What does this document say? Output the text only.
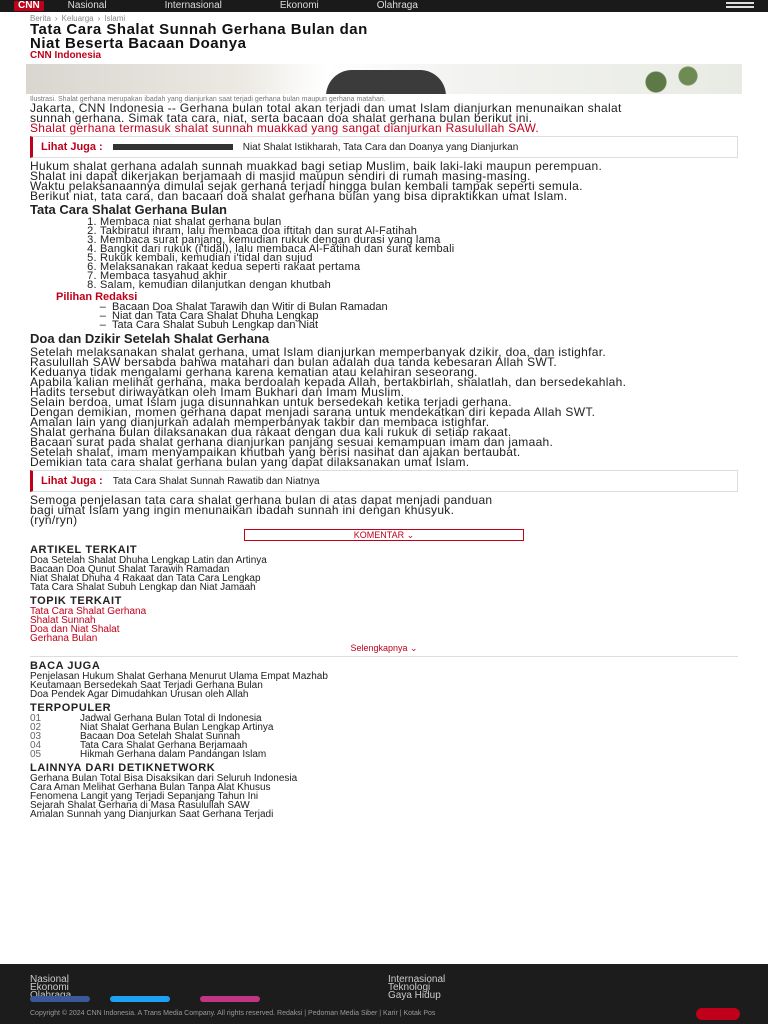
CNN	Nasional	Internasional	Ekonomi	Olahraga
Berita › Keluarga › Islami
Tata Cara Shalat Sunnah Gerhana Bulan dan
Niat Beserta Bacaan Doanya
CNN Indonesia
Ilustrasi. Shalat gerhana merupakan ibadah yang dianjurkan saat terjadi gerhana bulan maupun gerhana matahari.

Jakarta, CNN Indonesia -- Gerhana bulan total akan terjadi dan umat Islam dianjurkan menunaikan shalat

sunnah gerhana. Simak tata cara, niat, serta bacaan doa shalat gerhana bulan berikut ini.

Shalat gerhana termasuk shalat sunnah muakkad yang sangat dianjurkan Rasulullah SAW.

Lihat Juga :	Niat Shalat Istikharah, Tata Cara dan Doanya yang Dianjurkan

Hukum shalat gerhana adalah sunnah muakkad bagi setiap Muslim, baik laki-laki maupun perempuan.

Shalat ini dapat dikerjakan berjamaah di masjid maupun sendiri di rumah masing-masing.

Waktu pelaksanaannya dimulai sejak gerhana terjadi hingga bulan kembali tampak seperti semula.

Berikut niat, tata cara, dan bacaan doa shalat gerhana bulan yang bisa dipraktikkan umat Islam.

Tata Cara Shalat Gerhana Bulan
1. Membaca niat shalat gerhana bulan
2. Takbiratul ihram, lalu membaca doa iftitah dan surat Al-Fatihah
3. Membaca surat panjang, kemudian rukuk dengan durasi yang lama
4. Bangkit dari rukuk (i'tidal), lalu membaca Al-Fatihah dan surat kembali
5. Rukuk kembali, kemudian i'tidal dan sujud
6. Melaksanakan rakaat kedua seperti rakaat pertama
7. Membaca tasyahud akhir
8. Salam, kemudian dilanjutkan dengan khutbah
Pilihan Redaksi
– Bacaan Doa Shalat Tarawih dan Witir di Bulan Ramadan
– Niat dan Tata Cara Shalat Dhuha Lengkap
– Tata Cara Shalat Subuh Lengkap dan Niat
Doa dan Dzikir Setelah Shalat Gerhana

Setelah melaksanakan shalat gerhana, umat Islam dianjurkan memperbanyak dzikir, doa, dan istighfar.

Rasulullah SAW bersabda bahwa matahari dan bulan adalah dua tanda kebesaran Allah SWT.

Keduanya tidak mengalami gerhana karena kematian atau kelahiran seseorang.

Apabila kalian melihat gerhana, maka berdoalah kepada Allah, bertakbirlah, shalatlah, dan bersedekahlah.

Hadits tersebut diriwayatkan oleh Imam Bukhari dan Imam Muslim.

Selain berdoa, umat Islam juga disunnahkan untuk bersedekah ketika terjadi gerhana.

Dengan demikian, momen gerhana dapat menjadi sarana untuk mendekatkan diri kepada Allah SWT.

Amalan lain yang dianjurkan adalah memperbanyak takbir dan membaca istighfar.

Shalat gerhana bulan dilaksanakan dua rakaat dengan dua kali rukuk di setiap rakaat.

Bacaan surat pada shalat gerhana dianjurkan panjang sesuai kemampuan imam dan jamaah.

Setelah shalat, imam menyampaikan khutbah yang berisi nasihat dan ajakan bertaubat.

Demikian tata cara shalat gerhana bulan yang dapat dilaksanakan umat Islam.

Lihat Juga : Tata Cara Shalat Sunnah Rawatib dan Niatnya

Semoga penjelasan tata cara shalat gerhana bulan di atas dapat menjadi panduan

bagi umat Islam yang ingin menunaikan ibadah sunnah ini dengan khusyuk.

(ryn/ryn)

KOMENTAR ⌄
ARTIKEL TERKAIT
Doa Setelah Shalat Dhuha Lengkap Latin dan Artinya
Bacaan Doa Qunut Shalat Tarawih Ramadan
Niat Shalat Dhuha 4 Rakaat dan Tata Cara Lengkap
Tata Cara Shalat Subuh Lengkap dan Niat Jamaah
TOPIK TERKAIT
Tata Cara Shalat Gerhana
Shalat Sunnah
Doa dan Niat Shalat
Gerhana Bulan
Selengkapnya ⌄
BACA JUGA
Penjelasan Hukum Shalat Gerhana Menurut Ulama Empat Mazhab
Keutamaan Bersedekah Saat Terjadi Gerhana Bulan
Doa Pendek Agar Dimudahkan Urusan oleh Allah
TERPOPULER
01	Jadwal Gerhana Bulan Total di Indonesia
02	Niat Shalat Gerhana Bulan Lengkap Artinya
03	Bacaan Doa Setelah Shalat Sunnah
04	Tata Cara Shalat Gerhana Berjamaah
05	Hikmah Gerhana dalam Pandangan Islam
LAINNYA DARI DETIKNETWORK
Gerhana Bulan Total Bisa Disaksikan dari Seluruh Indonesia
Cara Aman Melihat Gerhana Bulan Tanpa Alat Khusus
Fenomena Langit yang Terjadi Sepanjang Tahun Ini
Sejarah Shalat Gerhana di Masa Rasulullah SAW
Amalan Sunnah yang Dianjurkan Saat Gerhana Terjadi
Nasional
Ekonomi
Internasional
Teknologi
Gaya Hidup
Copyright © 2024 CNN Indonesia. A Trans Media Company. All rights reserved. Redaksi | Pedoman Media Siber | Karir | Kotak Pos
